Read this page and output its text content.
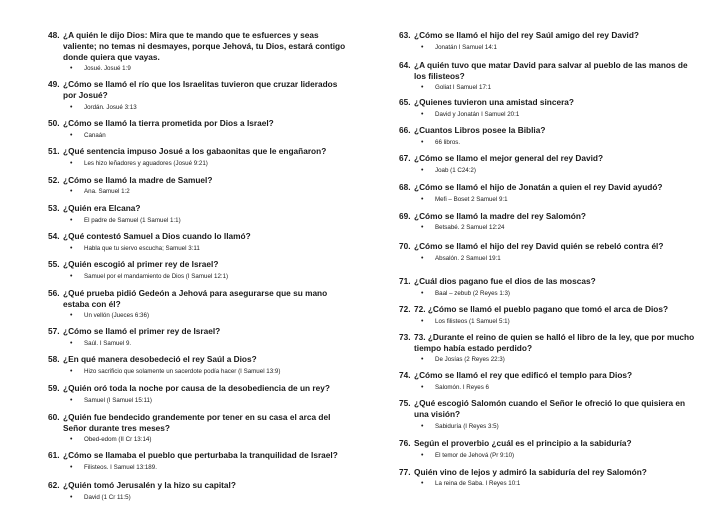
48. ¿A quién le dijo Dios: Mira que te mando que te esfuerces y seas valiente; no temas ni desmayes, porque Jehová, tu Dios, estará contigo donde quiera que vayas.
•	Josué. Josué 1:9
49. ¿Cómo se llamó el río que los Israelitas tuvieron que cruzar liderados por Josué?
•	Jordán. Josué 3:13
50. ¿Cómo se llamó la tierra prometida por Dios a Israel?
•	Canaán
51. ¿Qué sentencia impuso Josué a los gabaonitas que le engañaron?
•	Les hizo leñadores y aguadores (Josué 9:21)
52. ¿Cómo se llamó la madre de Samuel?
•	Ana. Samuel 1:2
53. ¿Quién era Elcana?
•	El padre de Samuel (1 Samuel 1:1)
54. ¿Qué contestó Samuel a Dios cuando lo llamó?
•	Habla que tu siervo escucha; Samuel 3:11
55. ¿Quién escogió al primer rey de Israel?
•	Samuel por el mandamiento de Dios (I Samuel 12:1)
56. ¿Qué prueba pidió Gedeón a Jehová para asegurarse que su mano estaba con él?
•	Un vellón (Jueces 6:36)
57. ¿Cómo se llamó el primer rey de Israel?
•	Saúl. I Samuel 9.
58. ¿En qué manera desobedeció el rey Saúl a Dios?
•	Hizo sacrificio que solamente un sacerdote podía hacer (I Samuel 13:9)
59. ¿Quién oró toda la noche por causa de la desobediencia de un rey?
•	Samuel (I Samuel 15:11)
60. ¿Quién fue bendecido grandemente por tener en su casa el arca del Señor durante tres meses?
•	Obed-edom (II Cr 13:14)
61. ¿Cómo se llamaba el pueblo que perturbaba la tranquilidad de Israel?
•	Filisteos. I Samuel 13:189.
62. ¿Quién tomó Jerusalén y la hizo su capital?
•	David (1 Cr 11:5)
63. ¿Cómo se llamó el hijo del rey Saúl amigo del rey David?
•	Jonatán I Samuel 14:1
64. ¿A quién tuvo que matar David para salvar al pueblo de las manos de los filisteos?
•	Goliat I Samuel 17:1
65. ¿Quienes tuvieron una amistad sincera?
•	David y Jonatán I Samuel 20:1
66. ¿Cuantos Libros posee la Biblia?
•	66 libros.
67. ¿Cómo se llamo el mejor general del rey David?
•	Joab (1 C24:2)
68. ¿Cómo se llamó el hijo de Jonatán a quien el rey David ayudó?
•	Mefi – Boset 2 Samuel 9:1
69. ¿Cómo se llamó la madre del rey Salomón?
•	Betsabé. 2 Samuel 12:24
70. ¿Cómo se llamó el hijo del rey David quién se rebeló contra él?
•	Absalón. 2 Samuel 19:1
71. ¿Cuál dios pagano fue el dios de las moscas?
•	Baal – zebub (2 Reyes 1:3)
72. 72. ¿Cómo se llamó el pueblo pagano que tomó el arca de Dios?
•	Los filisteos (1 Samuel 5:1)
73. 73. ¿Durante el reino de quien se halló el libro de la ley, que por mucho tiempo había estado perdido?
•	De Josías (2 Reyes 22:3)
74. ¿Cómo se llamó el rey que edificó el templo para Dios?
•	Salomón. I Reyes 6
75. ¿Qué escogió Salomón cuando el Señor le ofreció lo que quisiera en una visión?
•	Sabiduría (I Reyes 3:5)
76. Según el proverbio ¿cuál es el principio a la sabiduría?
•	El temor de Jehová (Pr 9:10)
77. Quién vino de lejos y admiró la sabiduría del rey Salomón?
•	La reina de Saba. I Reyes 10:1
